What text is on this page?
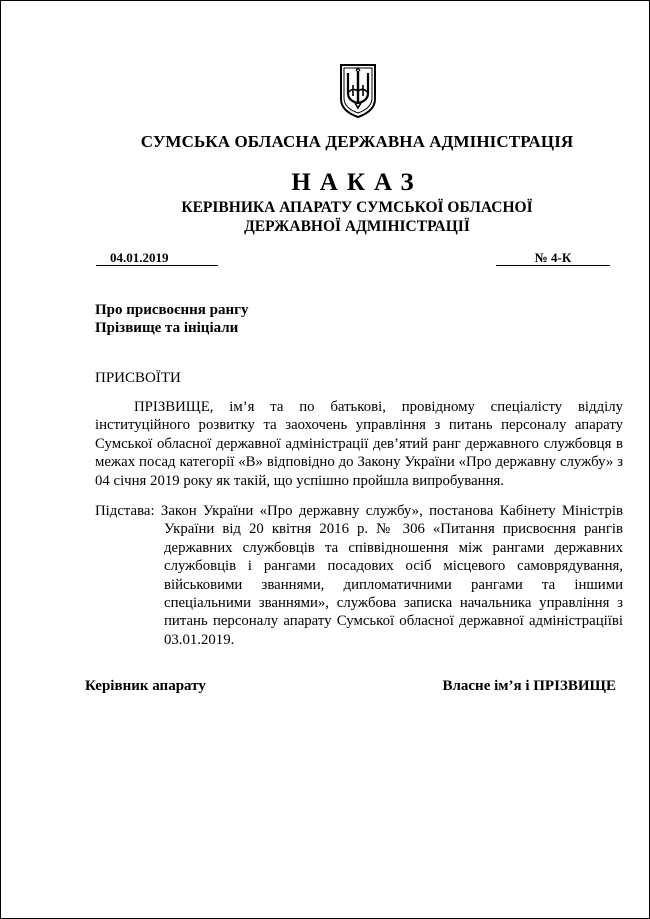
СУМСЬКА ОБЛАСНА ДЕРЖАВНА АДМІНІСТРАЦІЯ
НАКАЗ
КЕРІВНИКА АПАРАТУ СУМСЬКОЇ ОБЛАСНОЇ
ДЕРЖАВНОЇ АДМІНІСТРАЦІЇ
04.01.2019	№ 4-К
Про присвоєння рангу
Прізвище та ініціали
ПРИСВОЇТИ
ПРІЗВИЩЕ, ім’я та по батькові, провідному спеціалісту відділу інституційного розвитку та заохочень управління з питань персоналу апарату Сумської обласної державної адміністрації дев’ятий ранг державного службовця в межах посад категорії «В» відповідно до Закону України «Про державну службу» з 04 січня 2019 року як такій, що успішно пройшла випробування.
Підстава: Закон України «Про державну службу», постанова Кабінету Міністрів України від 20 квітня 2016 р. № 306 «Питання присвоєння рангів державних службовців та співвідношення між рангами державних службовців і рангами посадових осіб місцевого самоврядування, військовими званнями, дипломатичними рангами та іншими спеціальними званнями», службова записка начальника управління з питань персоналу апарату Сумської обласної державної адміністраціїві 03.01.2019.
Керівник апарату	Власне ім’я і ПРІЗВИЩЕ
